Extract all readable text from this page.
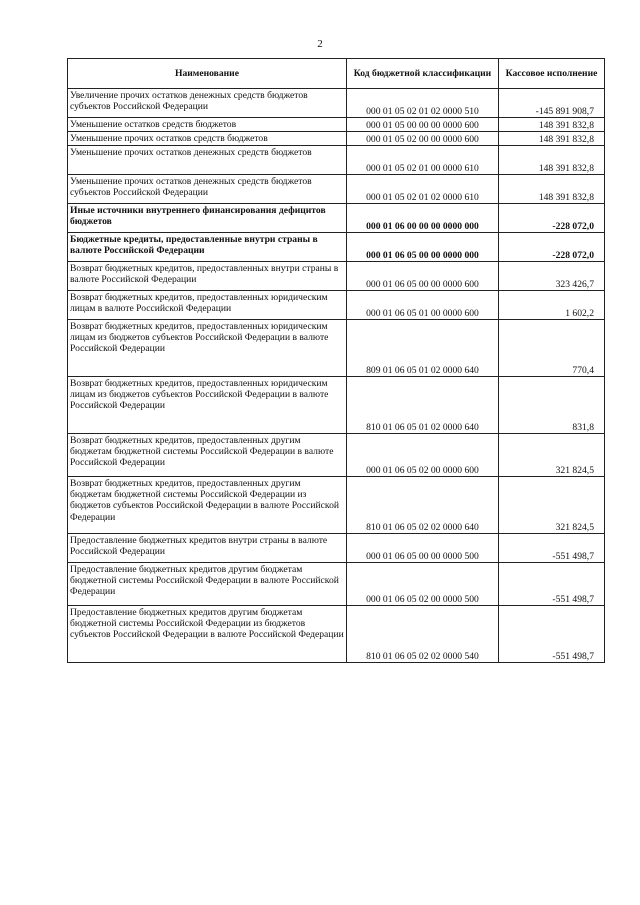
2
Наименование	Код бюджетной классификации	Кассовое исполнение
Увеличение прочих остатков денежных средств бюджетов субъектов Российской Федерации	000 01 05 02 01 02 0000 510	-145 891 908,7
Уменьшение остатков средств бюджетов	000 01 05 00 00 00 0000 600	148 391 832,8
Уменьшение прочих остатков средств бюджетов	000 01 05 02 00 00 0000 600	148 391 832,8
Уменьшение прочих остатков денежных средств бюджетов	000 01 05 02 01 00 0000 610	148 391 832,8
Уменьшение прочих остатков денежных средств бюджетов субъектов Российской Федерации	000 01 05 02 01 02 0000 610	148 391 832,8
Иные источники внутреннего финансирования дефицитов бюджетов	000 01 06 00 00 00 0000 000	-228 072,0
Бюджетные кредиты, предоставленные внутри страны в валюте Российской Федерации	000 01 06 05 00 00 0000 000	-228 072,0
Возврат бюджетных кредитов, предоставленных внутри страны в валюте Российской Федерации	000 01 06 05 00 00 0000 600	323 426,7
Возврат бюджетных кредитов, предоставленных юридическим лицам в валюте Российской Федерации	000 01 06 05 01 00 0000 600	1 602,2
Возврат бюджетных кредитов, предоставленных юридическим лицам из бюджетов субъектов Российской Федерации в валюте Российской Федерации	809 01 06 05 01 02 0000 640	770,4
Возврат бюджетных кредитов, предоставленных юридическим лицам из бюджетов субъектов Российской Федерации в валюте Российской Федерации	810 01 06 05 01 02 0000 640	831,8
Возврат бюджетных кредитов, предоставленных другим бюджетам бюджетной системы Российской Федерации в валюте Российской Федерации	000 01 06 05 02 00 0000 600	321 824,5
Возврат бюджетных кредитов, предоставленных другим бюджетам бюджетной системы Российской Федерации из бюджетов субъектов Российской Федерации в валюте Российской Федерации	810 01 06 05 02 02 0000 640	321 824,5
Предоставление бюджетных кредитов внутри страны в валюте Российской Федерации	000 01 06 05 00 00 0000 500	-551 498,7
Предоставление бюджетных кредитов другим бюджетам бюджетной системы Российской Федерации в валюте Российской Федерации	000 01 06 05 02 00 0000 500	-551 498,7
Предоставление бюджетных кредитов другим бюджетам бюджетной системы Российской Федерации из бюджетов субъектов Российской Федерации в валюте Российской Федерации	810 01 06 05 02 02 0000 540	-551 498,7
